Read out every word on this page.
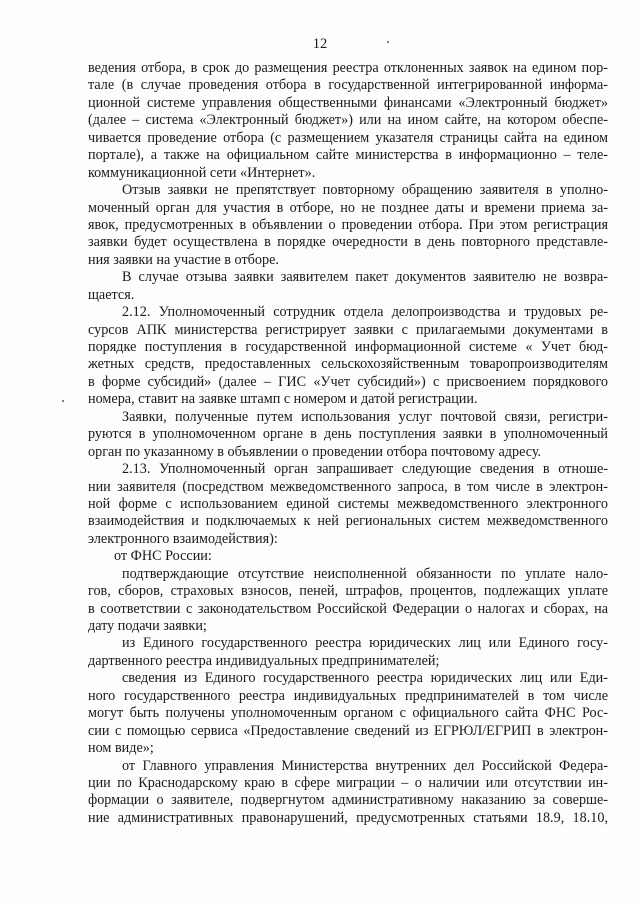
12
ведения отбора, в срок до размещения реестра отклоненных заявок на едином пор-
тале (в случае проведения отбора в государственной интегрированной информа-
ционной системе управления общественными финансами «Электронный бюджет»
(далее – система «Электронный бюджет») или на ином сайте, на котором обеспе-
чивается проведение отбора (с размещением указателя страницы сайта на едином
портале), а также на официальном сайте министерства в информационно – теле-
коммуникационной сети «Интернет».
Отзыв заявки не препятствует повторному обращению заявителя в уполно-
моченный орган для участия в отборе, но не позднее даты и времени приема за-
явок, предусмотренных в объявлении о проведении отбора. При этом регистрация
заявки будет осуществлена в порядке очередности в день повторного представле-
ния заявки на участие в отборе.
В случае отзыва заявки заявителем пакет документов заявителю не возвра-
щается.
2.12. Уполномоченный сотрудник отдела делопроизводства и трудовых ре-
сурсов АПК министерства регистрирует заявки с прилагаемыми документами в
порядке поступления в государственной информационной системе « Учет бюд-
жетных средств, предоставленных сельскохозяйственным товаропроизводителям
в форме субсидий» (далее – ГИС «Учет субсидий») с присвоением порядкового
номера, ставит на заявке штамп с номером и датой регистрации.
Заявки, полученные путем использования услуг почтовой связи, регистри-
руются в уполномоченном органе в день поступления заявки в уполномоченный
орган по указанному в объявлении о проведении отбора почтовому адресу.
2.13. Уполномоченный орган запрашивает следующие сведения в отноше-
нии заявителя (посредством межведомственного запроса, в том числе в электрон-
ной форме с использованием единой системы межведомственного электронного
взаимодействия и подключаемых к ней региональных систем межведомственного
электронного взаимодействия):
от ФНС России:
подтверждающие отсутствие неисполненной обязанности по уплате нало-
гов, сборов, страховых взносов, пеней, штрафов, процентов, подлежащих уплате
в соответствии с законодательством Российской Федерации о налогах и сборах, на
дату подачи заявки;
из Единого государственного реестра юридических лиц или Единого госу-
дартвенного реестра индивидуальных предпринимателей;
сведения из Единого государственного реестра юридических лиц или Еди-
ного государственного реестра индивидуальных предпринимателей в том числе
могут быть получены уполномоченным органом с официального сайта ФНС Рос-
сии с помощью сервиса «Предоставление сведений из ЕГРЮЛ/ЕГРИП в электрон-
ном виде»;
от Главного управления Министерства внутренних дел Российской Федера-
ции по Краснодарскому краю в сфере миграции – о наличии или отсутствии ин-
формации о заявителе, подвергнутом административному наказанию за соверше-
ние административных правонарушений, предусмотренных статьями 18.9, 18.10,
